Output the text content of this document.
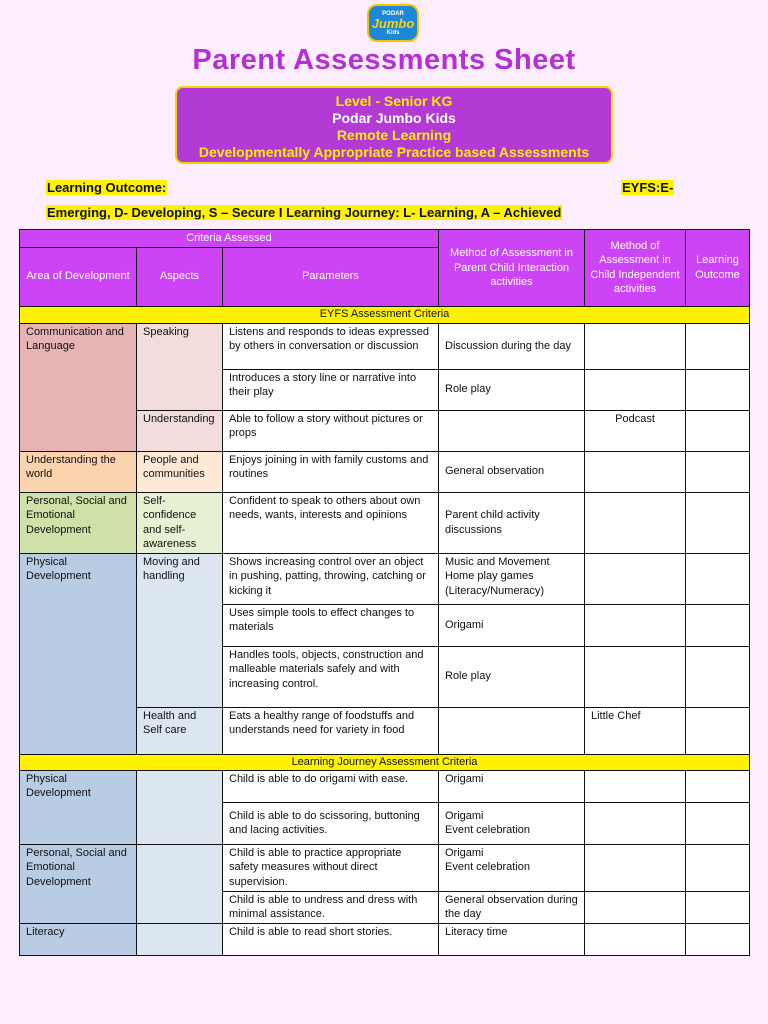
PODAR
Jumbo
Kids
Parent Assessments Sheet
Level - Senior KG
Podar Jumbo Kids
Remote Learning
Developmentally Appropriate Practice based Assessments
Learning Outcome:	EYFS:E-
Emerging, D- Developing, S – Secure I Learning Journey: L- Learning, A – Achieved
Criteria Assessed			Method of Assessment in Parent Child Interaction activities	Method of Assessment in Child Independent activities	Learning Outcome
Area of Development	Aspects	Parameters			
EYFS Assessment Criteria					
Communication and Language	Speaking	Listens and responds to ideas expressed by others in conversation or discussion	Discussion during the day		
		Introduces a story line or narrative into their play	Role play		
	Understanding	Able to follow a story without pictures or props		Podcast	
Understanding the world	People and communities	Enjoys joining in with family customs and routines	General observation		
Personal, Social and Emotional Development	Self-confidence and self-awareness	Confident to speak to others about own needs, wants, interests and opinions	Parent child activity discussions		
Physical Development	Moving and handling	Shows increasing control over an object in pushing, patting, throwing, catching or kicking it	Music and Movement
Home play games
(Literacy/Numeracy)		
		Uses simple tools to effect changes to materials	Origami		
		Handles tools, objects, construction and malleable materials safely and with increasing control.	Role play		
	Health and Self care	Eats a healthy range of foodstuffs and understands need for variety in food		Little Chef	
Learning Journey Assessment Criteria					
Physical Development		Child is able to do origami with ease.	Origami		
		Child is able to do scissoring, buttoning and lacing activities.	Origami
Event celebration		
Personal, Social and Emotional Development		Child is able to practice appropriate safety measures without direct supervision.	Origami
Event celebration		
		Child is able to undress and dress with minimal assistance.	General observation during the day		
Literacy		Child is able to read short stories.	Literacy time		
